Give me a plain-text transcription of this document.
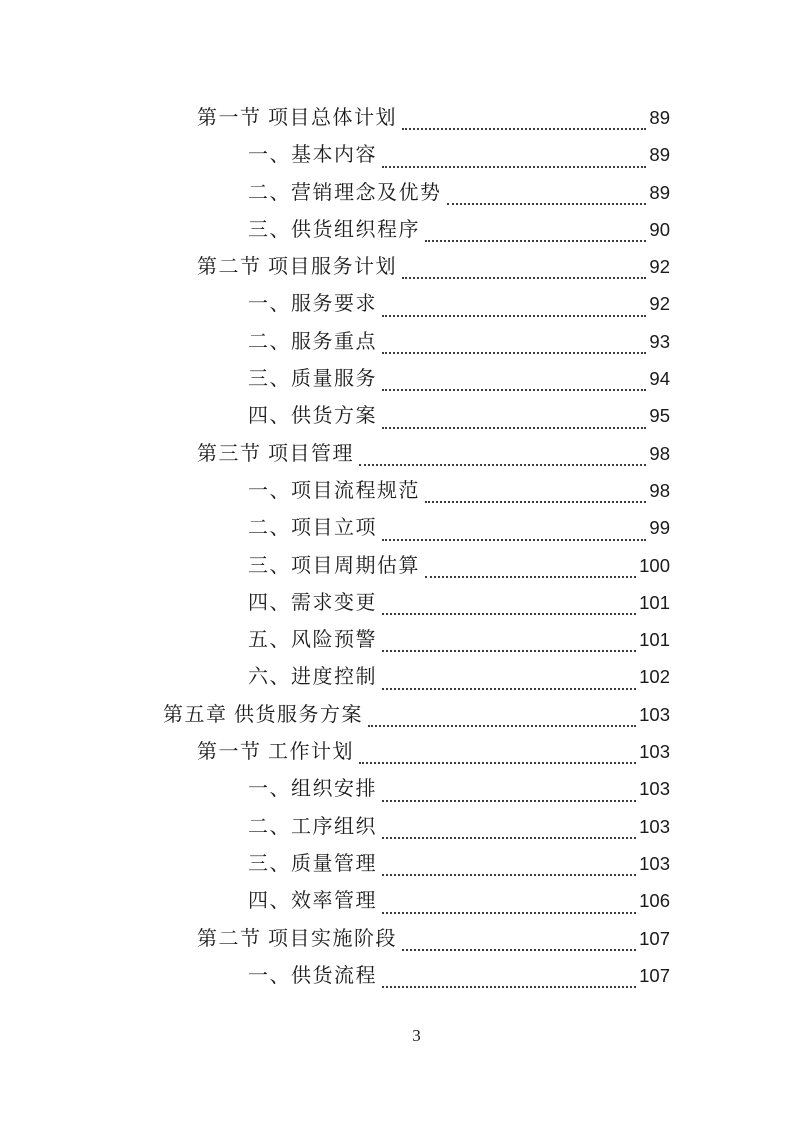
第一节 项目总体计划	89
一、基本内容	89
二、营销理念及优势	89
三、供货组织程序	90
第二节 项目服务计划	92
一、服务要求	92
二、服务重点	93
三、质量服务	94
四、供货方案	95
第三节 项目管理	98
一、项目流程规范	98
二、项目立项	99
三、项目周期估算	100
四、需求变更	101
五、风险预警	101
六、进度控制	102
第五章 供货服务方案	103
第一节 工作计划	103
一、组织安排	103
二、工序组织	103
三、质量管理	103
四、效率管理	106
第二节 项目实施阶段	107
一、供货流程	107
3
